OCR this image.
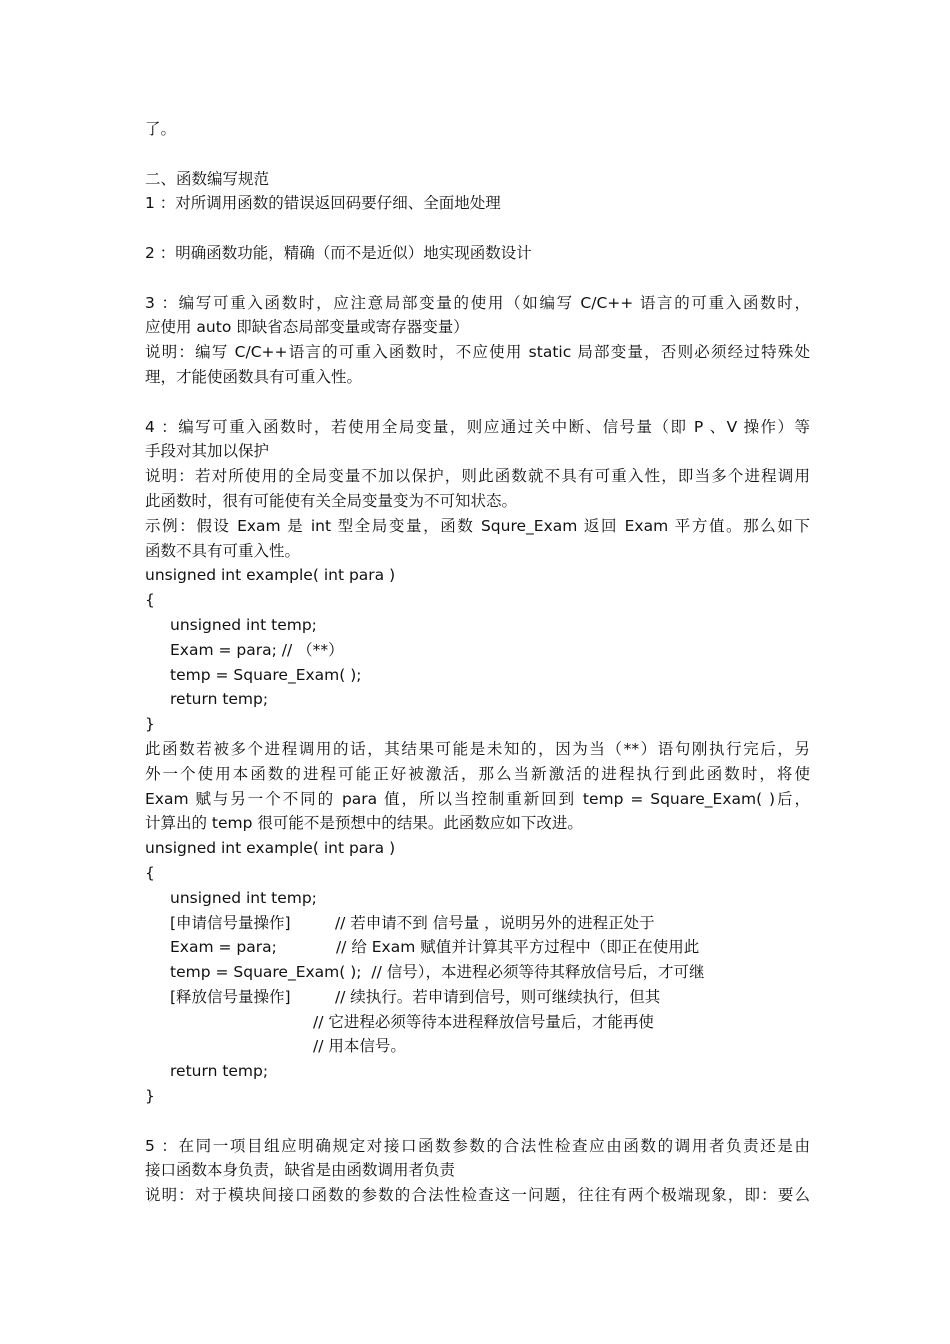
了。
二、函数编写规范
1 ：对所调用函数的错误返回码要仔细、全面地处理
2 ：明确函数功能，精确（而不是近似）地实现函数设计
3 ：编写可重入函数时，应注意局部变量的使用（如编写 C/C++ 语言的可重入函数时，
应使用 auto 即缺省态局部变量或寄存器变量）
说明：编写 C/C++语言的可重入函数时，不应使用 static 局部变量，否则必须经过特殊处
理，才能使函数具有可重入性。
4 ：编写可重入函数时，若使用全局变量，则应通过关中断、信号量（即 P 、V 操作）等
手段对其加以保护
说明：若对所使用的全局变量不加以保护，则此函数就不具有可重入性，即当多个进程调用
此函数时，很有可能使有关全局变量变为不可知状态。
示例：假设 Exam 是 int 型全局变量，函数 Squre_Exam 返回 Exam 平方值。那么如下
函数不具有可重入性。
unsigned int example( int para )
{
unsigned int temp;
Exam = para; // （**）
temp = Square_Exam( );
return temp;
}
此函数若被多个进程调用的话，其结果可能是未知的，因为当（**）语句刚执行完后，另
外一个使用本函数的进程可能正好被激活，那么当新激活的进程执行到此函数时，将使
Exam 赋与另一个不同的 para 值，所以当控制重新回到 temp = Square_Exam( )后，
计算出的 temp 很可能不是预想中的结果。此函数应如下改进。
unsigned int example( int para )
{
unsigned int temp;
[申请信号量操作]         // 若申请不到 信号量 ，说明另外的进程正处于
Exam = para;            // 给 Exam 赋值并计算其平方过程中（即正在使用此
temp = Square_Exam( );  // 信号），本进程必须等待其释放信号后，才可继
[释放信号量操作]         // 续执行。若申请到信号，则可继续执行，但其
// 它进程必须等待本进程释放信号量后，才能再使
// 用本信号。
return temp;
}
5 ：在同一项目组应明确规定对接口函数参数的合法性检查应由函数的调用者负责还是由
接口函数本身负责，缺省是由函数调用者负责
说明：对于模块间接口函数的参数的合法性检查这一问题，往往有两个极端现象，即：要么
